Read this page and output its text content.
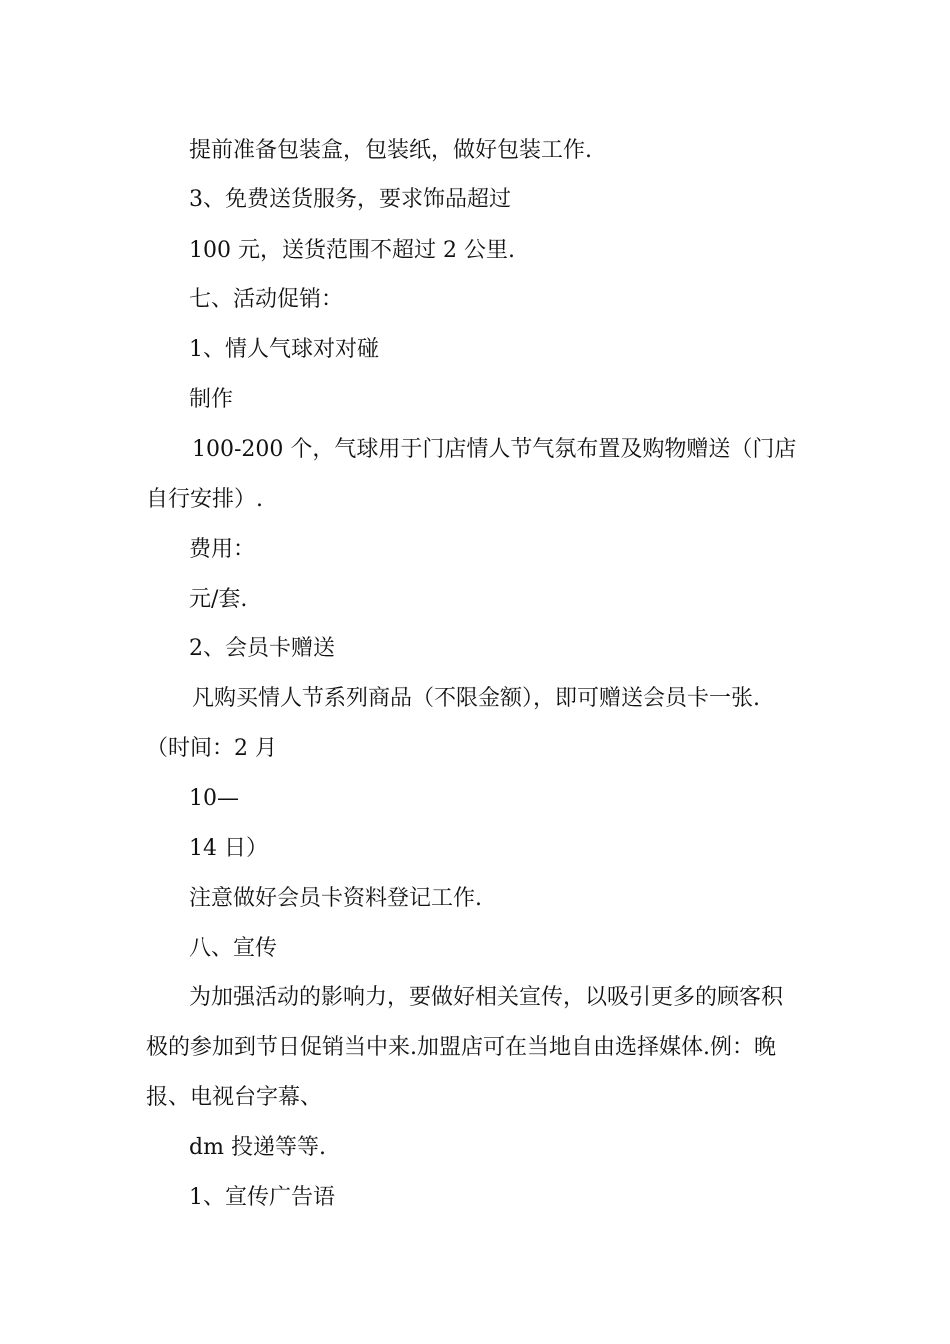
提前准备包装盒，包装纸，做好包装工作.

3、免费送货服务，要求饰品超过

100 元，送货范围不超过 2 公里.

七、活动促销：

1、情人气球对对碰

制作

100-200 个，气球用于门店情人节气氛布置及购物赠送（门店

自行安排）.

费用：

元/套.

2、会员卡赠送

凡购买情人节系列商品（不限金额），即可赠送会员卡一张.

（时间：2 月

10—

14 日）

注意做好会员卡资料登记工作.

八、宣传

为加强活动的影响力，要做好相关宣传，以吸引更多的顾客积

极的参加到节日促销当中来.加盟店可在当地自由选择媒体.例：晚

报、电视台字幕、

dm 投递等等.

1、宣传广告语
